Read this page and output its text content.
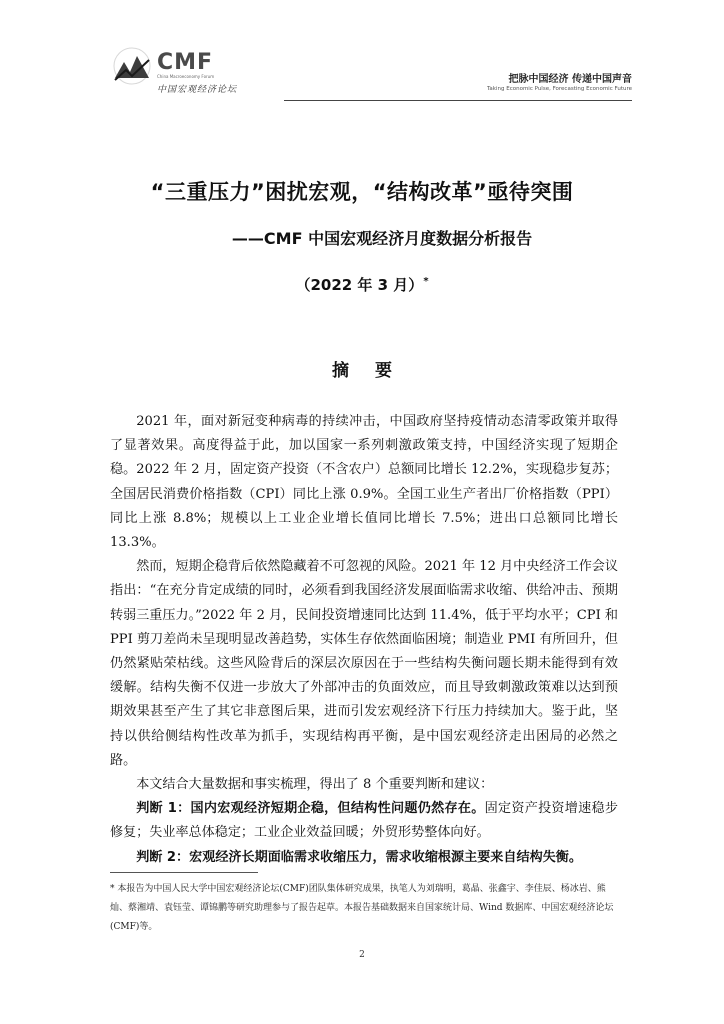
CMF
China Macroeconomy Forum
中国宏观经济论坛
把脉中国经济 传递中国声音
Taking Economic Pulse, Forecasting Economic Future
“三重压力”困扰宏观，“结构改革”亟待突围
——CMF 中国宏观经济月度数据分析报告
（2022 年 3 月）*
摘 要

2021 年，面对新冠变种病毒的持续冲击，中国政府坚持疫情动态清零政策并取得了显著效果。高度得益于此，加以国家一系列刺激政策支持，中国经济实现了短期企稳。2022 年 2 月，固定资产投资（不含农户）总额同比增长 12.2%，实现稳步复苏；全国居民消费价格指数（CPI）同比上涨 0.9%。全国工业生产者出厂价格指数（PPI）同比上涨 8.8%；规模以上工业企业增长值同比增长 7.5%；进出口总额同比增长 13.3%。

然而，短期企稳背后依然隐藏着不可忽视的风险。2021 年 12 月中央经济工作会议指出：“在充分肯定成绩的同时，必须看到我国经济发展面临需求收缩、供给冲击、预期转弱三重压力。”2022 年 2 月，民间投资增速同比达到 11.4%，低于平均水平；CPI 和 PPI 剪刀差尚未呈现明显改善趋势，实体生存依然面临困境；制造业 PMI 有所回升，但仍然紧贴荣枯线。这些风险背后的深层次原因在于一些结构失衡问题长期未能得到有效缓解。结构失衡不仅进一步放大了外部冲击的负面效应，而且导致刺激政策难以达到预期效果甚至产生了其它非意图后果，进而引发宏观经济下行压力持续加大。鉴于此，坚持以供给侧结构性改革为抓手，实现结构再平衡，是中国宏观经济走出困局的必然之路。

本文结合大量数据和事实梳理，得出了 8 个重要判断和建议：

判断 1：国内宏观经济短期企稳，但结构性问题仍然存在。固定资产投资增速稳步修复；失业率总体稳定；工业企业效益回暖；外贸形势整体向好。

判断 2：宏观经济长期面临需求收缩压力，需求收缩根源主要来自结构失衡。

* 本报告为中国人民大学中国宏观经济论坛(CMF)团队集体研究成果，执笔人为刘瑞明，葛晶、张鑫宇、李佳辰、杨冰岩、熊灿、蔡湘靖、袁钰莹、谭锦鹏等研究助理参与了报告起草。本报告基础数据来自国家统计局、Wind 数据库、中国宏观经济论坛(CMF)等。
2
